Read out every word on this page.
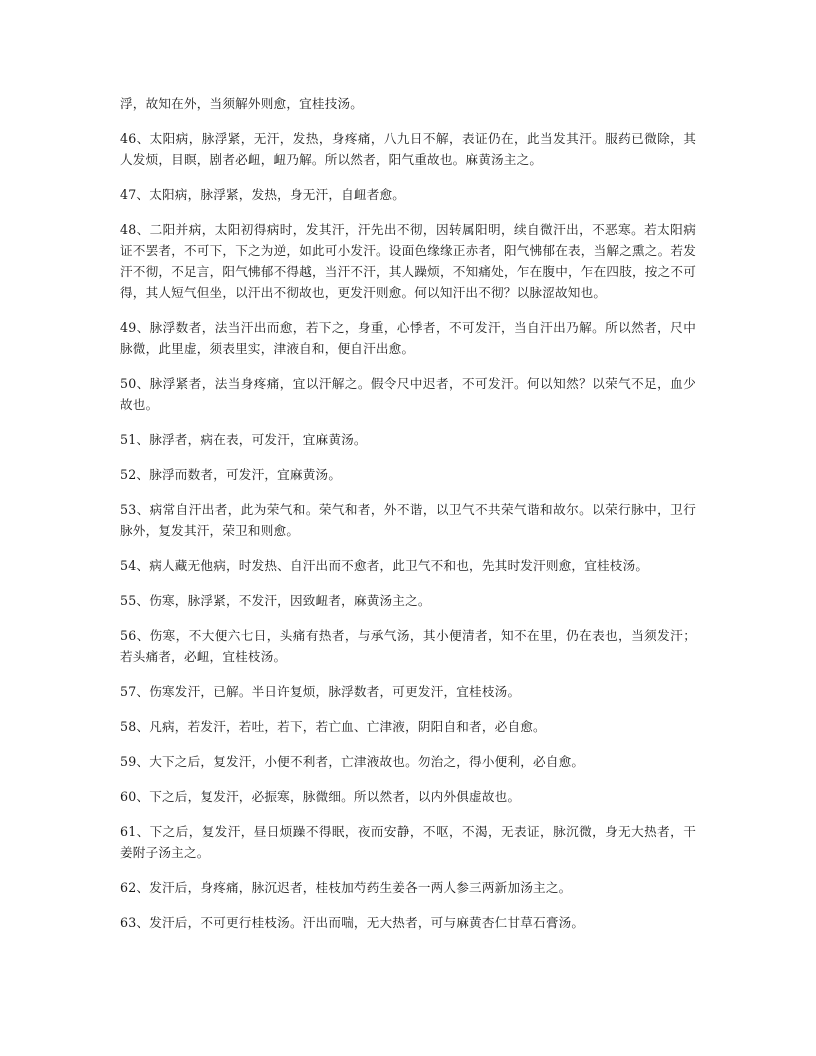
浮，故知在外，当须解外则愈，宜桂技汤。

46、太阳病，脉浮紧，无汗，发热，身疼痛，八九日不解，表证仍在，此当发其汗。服药已微除，其人发烦，目瞑，剧者必衄，衄乃解。所以然者，阳气重故也。麻黄汤主之。

47、太阳病，脉浮紧，发热，身无汗，自衄者愈。

48、二阳并病，太阳初得病时，发其汗，汗先出不彻，因转属阳明，续自微汗出，不恶寒。若太阳病证不罢者，不可下，下之为逆，如此可小发汗。设面色缘缘正赤者，阳气怫郁在表，当解之熏之。若发汗不彻，不足言，阳气怫郁不得越，当汗不汗，其人躁烦，不知痛处，乍在腹中，乍在四肢，按之不可得，其人短气但坐，以汗出不彻故也，更发汗则愈。何以知汗出不彻？以脉涩故知也。

49、脉浮数者，法当汗出而愈，若下之，身重，心悸者，不可发汗，当自汗出乃解。所以然者，尺中脉微，此里虚，须表里实，津液自和，便自汗出愈。

50、脉浮紧者，法当身疼痛，宜以汗解之。假令尺中迟者，不可发汗。何以知然？以荣气不足，血少故也。

51、脉浮者，病在表，可发汗，宜麻黄汤。

52、脉浮而数者，可发汗，宜麻黄汤。

53、病常自汗出者，此为荣气和。荣气和者，外不谐，以卫气不共荣气谐和故尔。以荣行脉中，卫行脉外，复发其汗，荣卫和则愈。

54、病人藏无他病，时发热、自汗出而不愈者，此卫气不和也，先其时发汗则愈，宜桂枝汤。

55、伤寒，脉浮紧，不发汗，因致衄者，麻黄汤主之。

56、伤寒，不大便六七日，头痛有热者，与承气汤，其小便清者，知不在里，仍在表也，当须发汗；若头痛者，必衄，宜桂枝汤。

57、伤寒发汗，已解。半日许复烦，脉浮数者，可更发汗，宜桂枝汤。

58、凡病，若发汗，若吐，若下，若亡血、亡津液，阴阳自和者，必自愈。

59、大下之后，复发汗，小便不利者，亡津液故也。勿治之，得小便利，必自愈。

60、下之后，复发汗，必振寒，脉微细。所以然者，以内外俱虚故也。

61、下之后，复发汗，昼日烦躁不得眠，夜而安静，不呕，不渴，无表证，脉沉微，身无大热者，干姜附子汤主之。

62、发汗后，身疼痛，脉沉迟者，桂枝加芍药生姜各一两人参三两新加汤主之。

63、发汗后，不可更行桂枝汤。汗出而喘，无大热者，可与麻黄杏仁甘草石膏汤。
